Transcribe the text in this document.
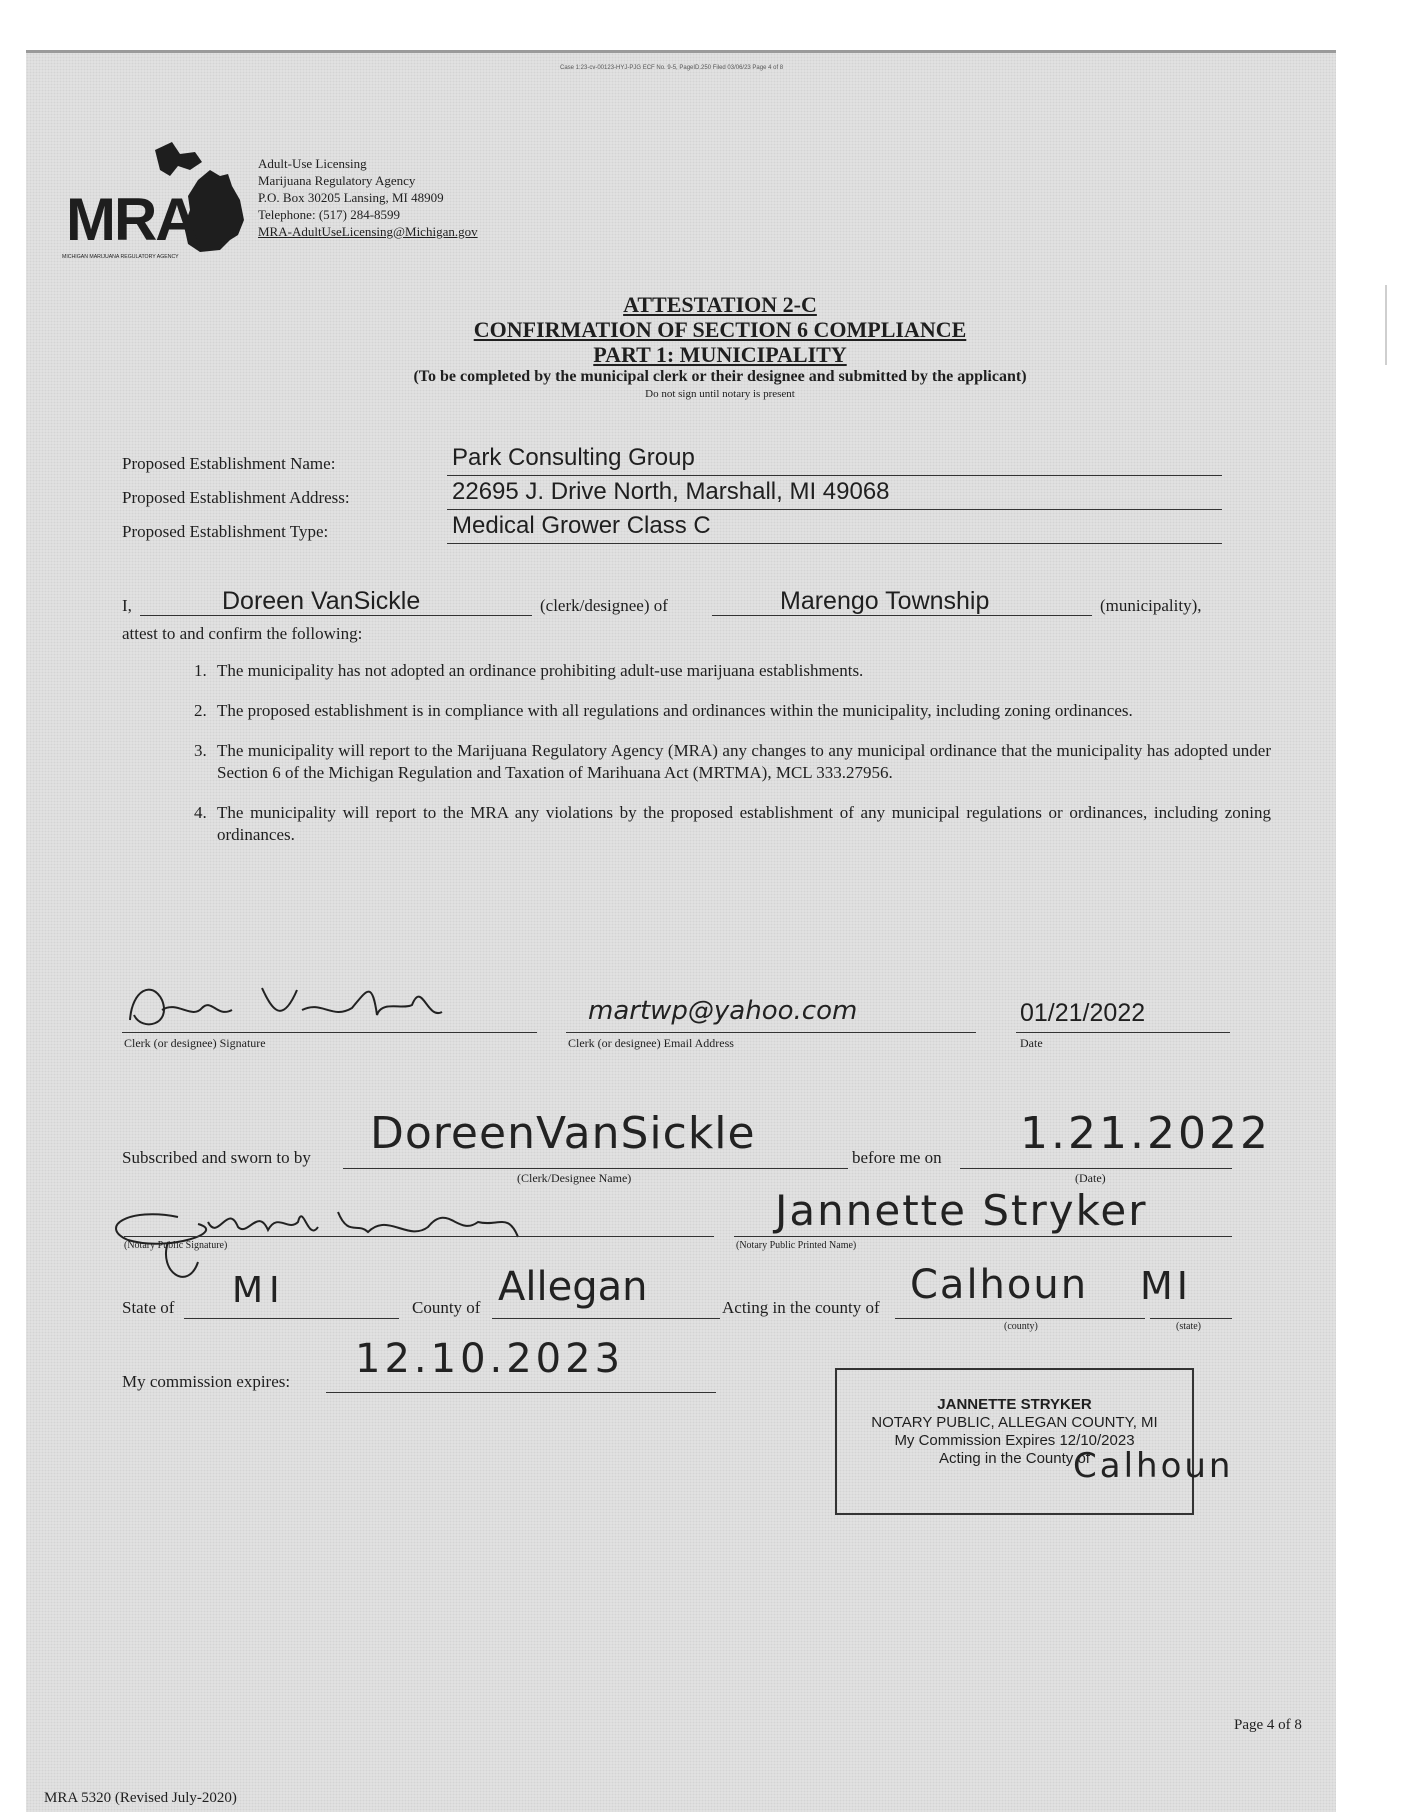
Case 1:23-cv-00123-HYJ-PJG ECF No. 9-5, PageID.250 Filed 03/06/23 Page 4 of 8
MRA
MICHIGAN MARIJUANA REGULATORY AGENCY
Adult-Use Licensing
Marijuana Regulatory Agency
P.O. Box 30205 Lansing, MI 48909
Telephone: (517) 284-8599
MRA-AdultUseLicensing@Michigan.gov
ATTESTATION 2-C
CONFIRMATION OF SECTION 6 COMPLIANCE
PART 1: MUNICIPALITY
(To be completed by the municipal clerk or their designee and submitted by the applicant)
Do not sign until notary is present
Proposed Establishment Name:	Park Consulting Group
Proposed Establishment Address:	22695 J. Drive North, Marshall, MI 49068
Proposed Establishment Type:	Medical Grower Class C
I,	Doreen VanSickle	(clerk/designee) of	Marengo Township	(municipality),
attest to and confirm the following:
1. The municipality has not adopted an ordinance prohibiting adult-use marijuana establishments.
2. The proposed establishment is in compliance with all regulations and ordinances within the municipality, including zoning ordinances.
3. The municipality will report to the Marijuana Regulatory Agency (MRA) any changes to any municipal ordinance that the municipality has adopted under Section 6 of the Michigan Regulation and Taxation of Marihuana Act (MRTMA), MCL 333.27956.
4. The municipality will report to the MRA any violations by the proposed establishment of any municipal regulations or ordinances, including zoning ordinances.
Clerk (or designee) Signature
martwp@yahoo.com
Clerk (or designee) Email Address
01/21/2022
Date
Subscribed and sworn to by DoreenVanSickle
(Clerk/Designee Name)
before me on 1.21.2022
(Date)
(Notary Public Signature)
Jannette Stryker
(Notary Public Printed Name)
State of MI	County of Allegan	Acting in the county of Calhoun MI
(county)	(state)
My commission expires: 12.10.2023
JANNETTE STRYKER
NOTARY PUBLIC, ALLEGAN COUNTY, MI
My Commission Expires 12/10/2023
Acting in the County of
Calhoun
Page 4 of 8
MRA 5320 (Revised July-2020)
